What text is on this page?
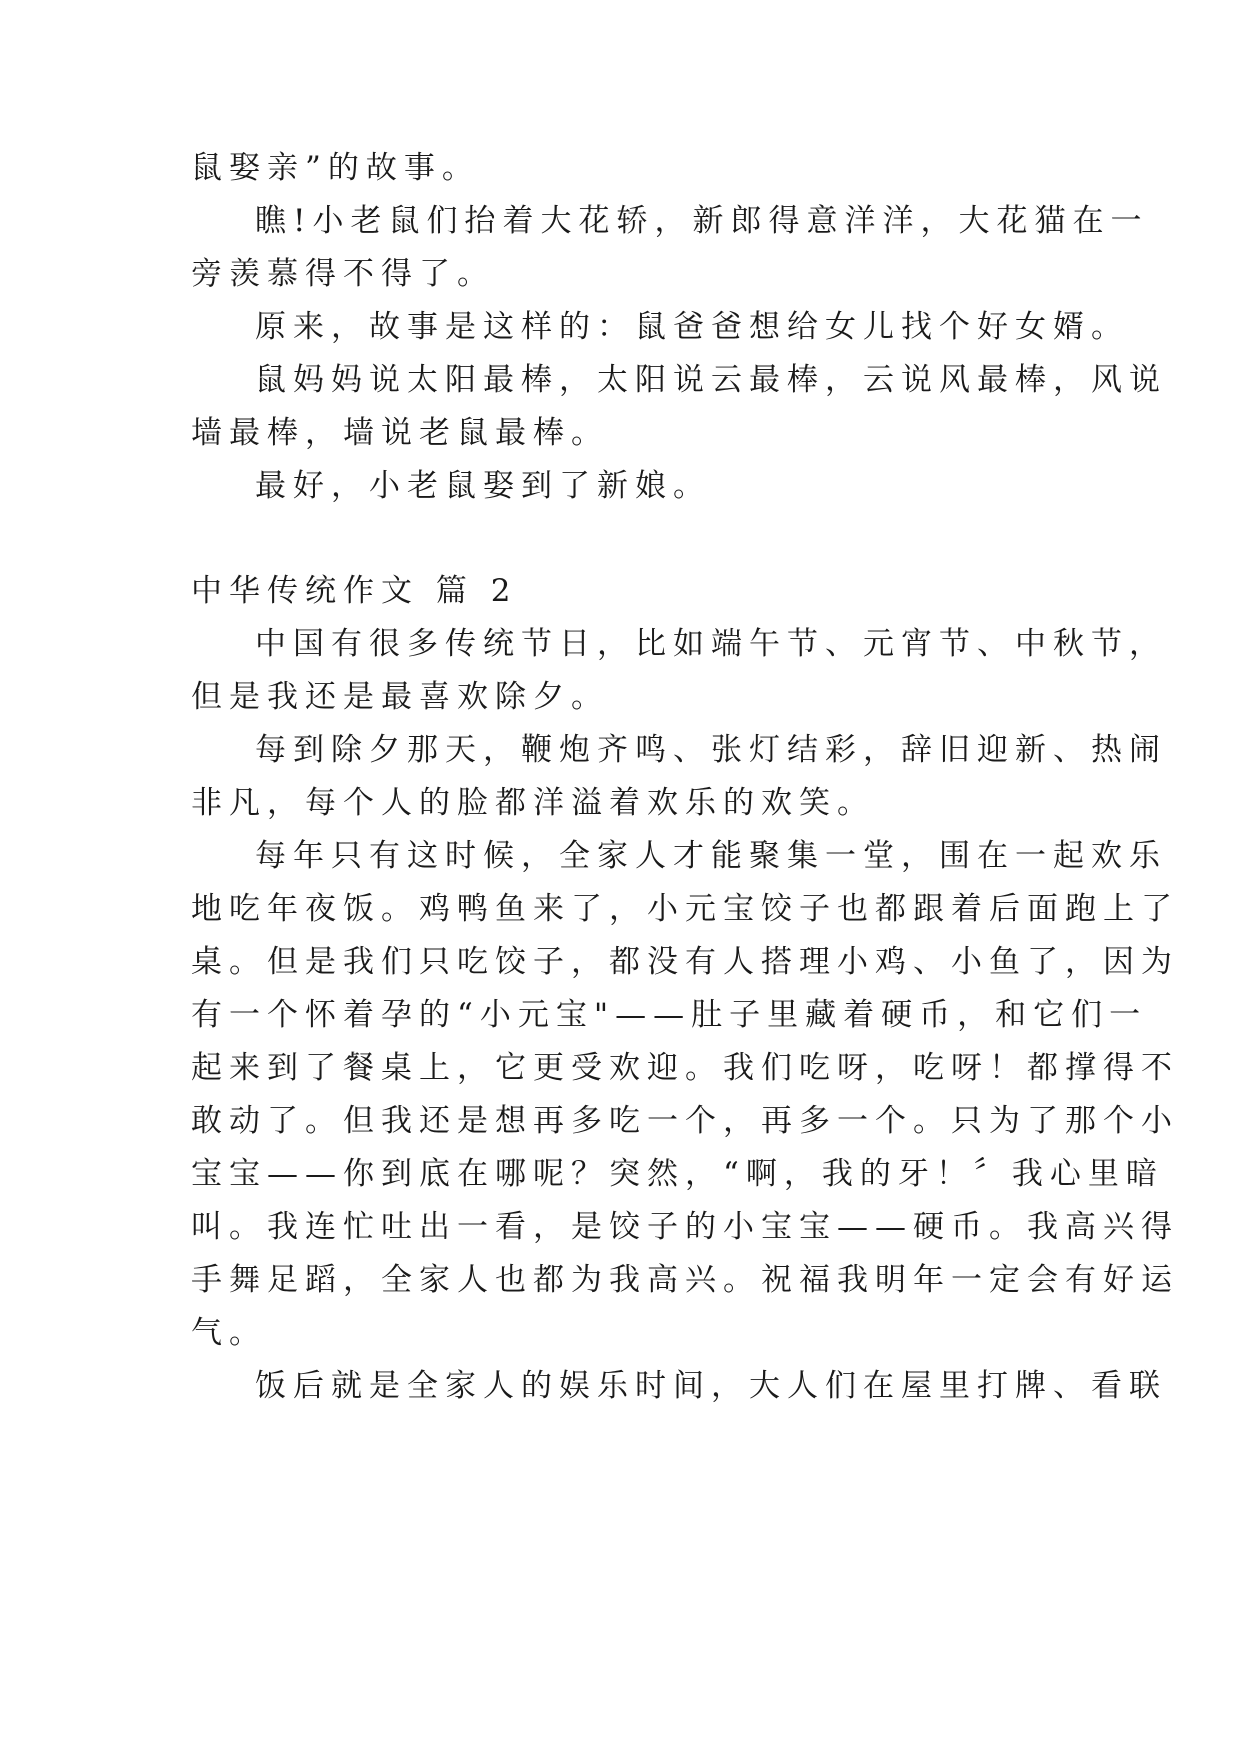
鼠娶亲”的故事。
瞧!小老鼠们抬着大花轿，新郎得意洋洋，大花猫在一
旁羡慕得不得了。
原来，故事是这样的：鼠爸爸想给女儿找个好女婿。
鼠妈妈说太阳最棒，太阳说云最棒，云说风最棒，风说
墙最棒，墙说老鼠最棒。
最好，小老鼠娶到了新娘。
中华传统作文 篇 2
中国有很多传统节日，比如端午节、元宵节、中秋节，
但是我还是最喜欢除夕。
每到除夕那天，鞭炮齐鸣、张灯结彩，辞旧迎新、热闹
非凡，每个人的脸都洋溢着欢乐的欢笑。
每年只有这时候，全家人才能聚集一堂，围在一起欢乐
地吃年夜饭。鸡鸭鱼来了，小元宝饺子也都跟着后面跑上了
桌。但是我们只吃饺子，都没有人搭理小鸡、小鱼了，因为
有一个怀着孕的“小元宝"——肚子里藏着硬币，和它们一
起来到了餐桌上，它更受欢迎。我们吃呀，吃呀！都撑得不
敢动了。但我还是想再多吃一个，再多一个。只为了那个小
宝宝——你到底在哪呢？突然，“啊，我的牙！〞我心里暗
叫。我连忙吐出一看，是饺子的小宝宝——硬币。我高兴得
手舞足蹈，全家人也都为我高兴。祝福我明年一定会有好运
气。
饭后就是全家人的娱乐时间，大人们在屋里打牌、看联
